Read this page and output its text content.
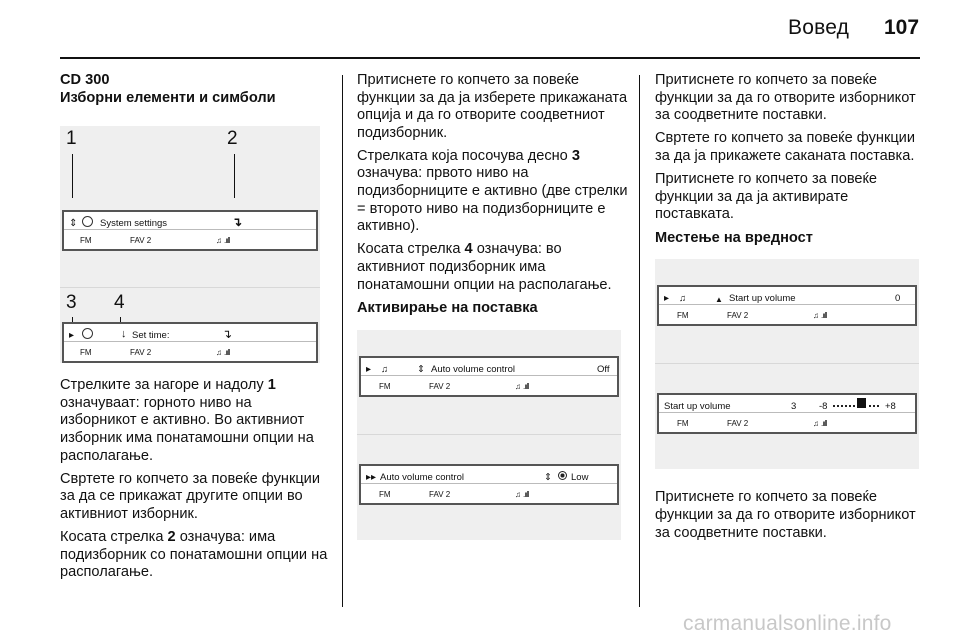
Вовед 107
CD 300
Изборни елементи и симболи
1	2
⇕ System settings	↴
FM	FAV 2	♫ .ııll
3 4
▸	↓ Set time:	↴
FM	FAV 2	♫ .ııll

Стрелките за нагоре и надолу 1 означуваат: горното ниво на изборникот е активно. Во активниот изборник има понатамошни опции на располагање.

Свртете го копчето за повеќе функции за да се прикажат другите опции во активниот изборник.

Косата стрелка 2 означува: има подизборник со понатамошни опции на располагање.

Притиснете го копчето за повеќе функции за да ја изберете прикажаната опција и да го отворите соодветниот подизборник.

Стрелката која посочува десно 3 означува: првото ниво на подизборниците е активно (две стрелки = второто ниво на подизборниците е активно).

Косата стрелка 4 означува: во активниот подизборник има понатамошни опции на располагање.

Активирање на поставка
▸ ♫	⇕ Auto volume control	Off
FM	FAV 2	♫ .ııll
▸▸ Auto volume control	⇕ Low
FM	FAV 2	♫ .ııll

Притиснете го копчето за повеќе функции за да го отворите изборникот за соодветните поставки.

Свртете го копчето за повеќе функции за да ја прикажете саканата поставка.

Притиснете го копчето за повеќе функции за да ја активирате поставката.

Местење на вредност
▸ ♫	▲ Start up volume	0
FM	FAV 2	♫ .ııll
Start up volume	3 -8	+8
FM	FAV 2	♫ .ııll

Притиснете го копчето за повеќе функции за да го отворите изборникот за соодветните поставки.

carmanualsonline.info
